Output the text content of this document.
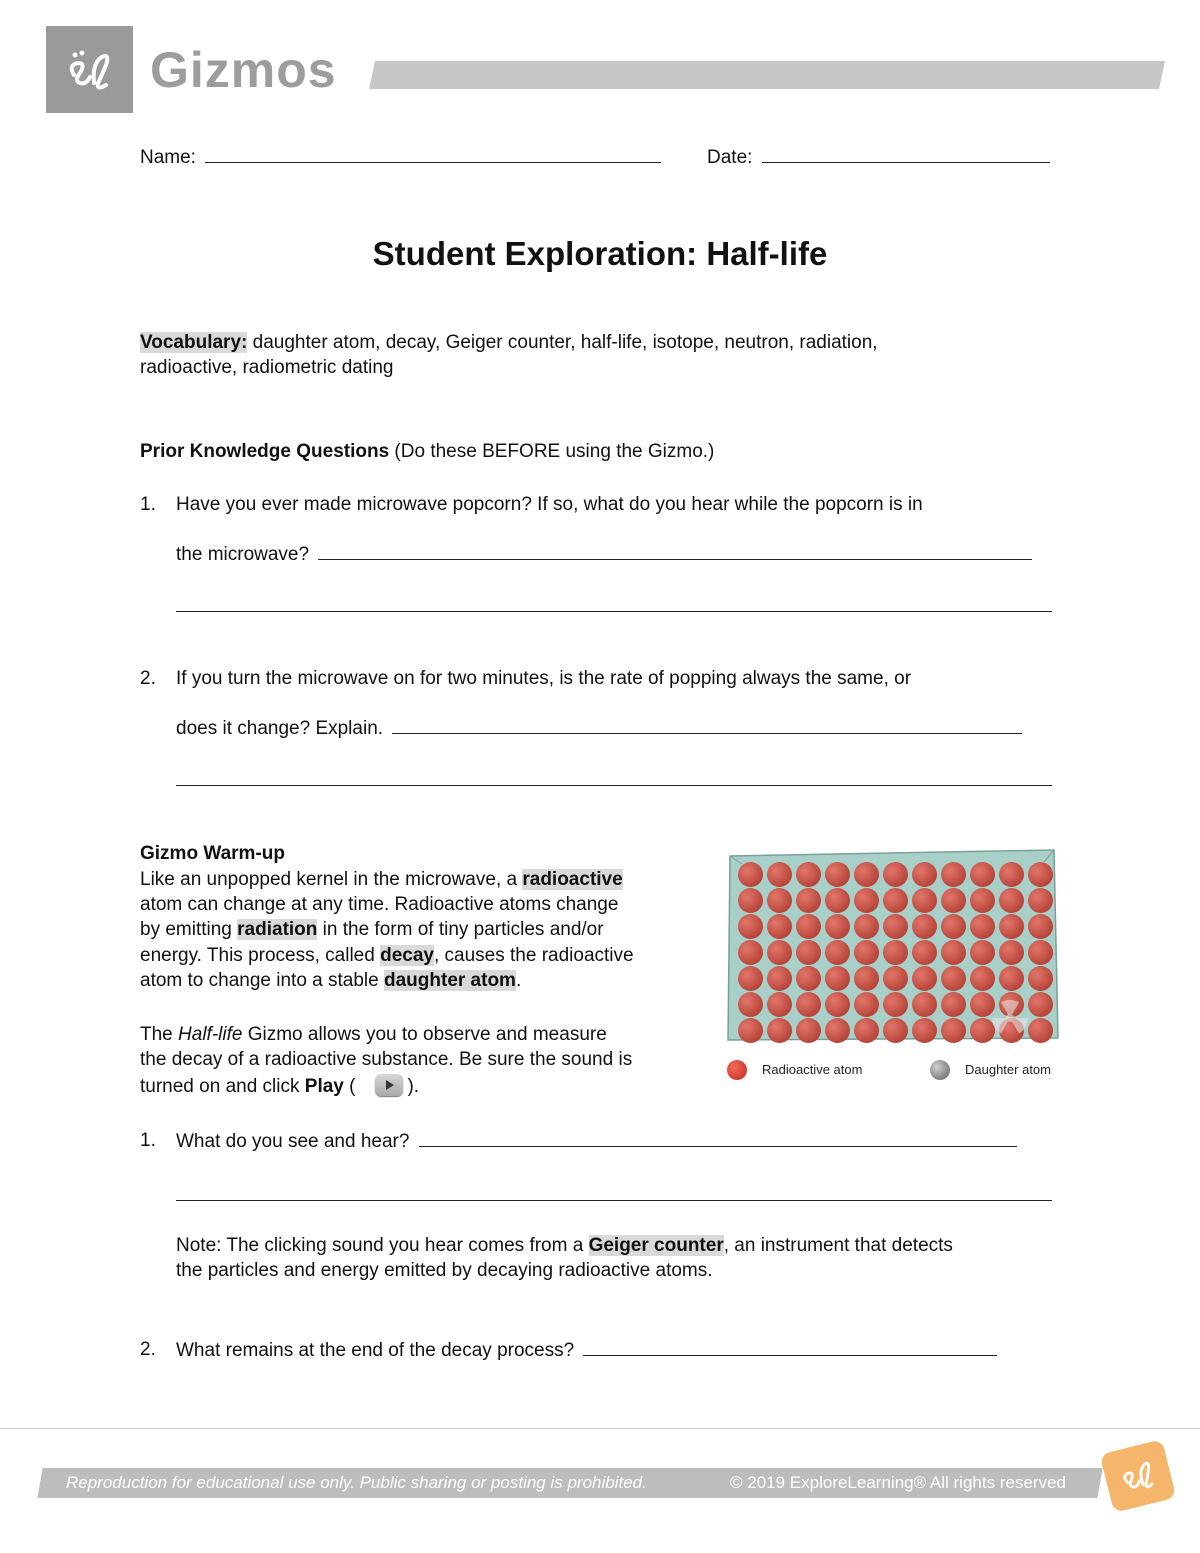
Gizmos
Name:	Date:
Student Exploration: Half-life
Vocabulary: daughter atom, decay, Geiger counter, half-life, isotope, neutron, radiation,
radioactive, radiometric dating
Prior Knowledge Questions (Do these BEFORE using the Gizmo.)
1. Have you ever made microwave popcorn? If so, what do you hear while the popcorn is in
the microwave?
2. If you turn the microwave on for two minutes, is the rate of popping always the same, or
does it change? Explain.
Gizmo Warm-up
Like an unpopped kernel in the microwave, a radioactive
atom can change at any time. Radioactive atoms change
by emitting radiation in the form of tiny particles and/or
energy. This process, called decay, causes the radioactive
atom to change into a stable daughter atom.
The Half-life Gizmo allows you to observe and measure
the decay of a radioactive substance. Be sure the sound is
turned on and click Play (	).
Radioactive atom	Daughter atom
1. What do you see and hear?
Note: The clicking sound you hear comes from a Geiger counter, an instrument that detects
the particles and energy emitted by decaying radioactive atoms.
2. What remains at the end of the decay process?
Reproduction for educational use only. Public sharing or posting is prohibited.	© 2019 ExploreLearning® All rights reserved
